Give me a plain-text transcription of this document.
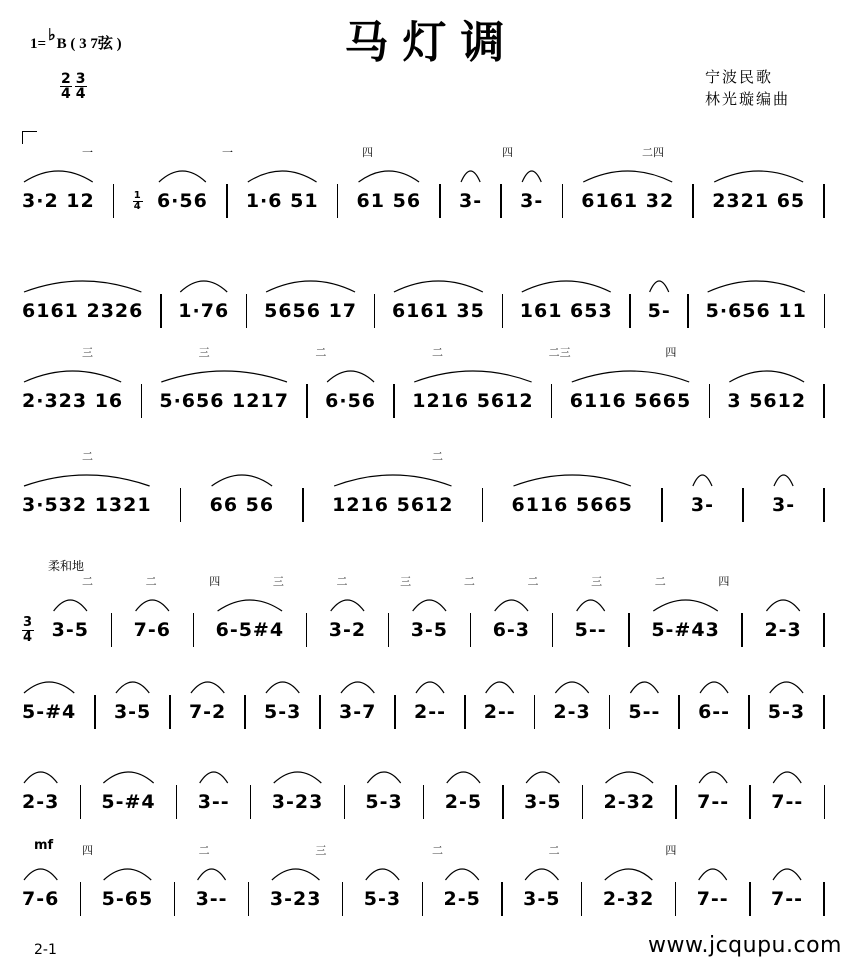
马灯调
1= ♭B ( 3 7弦 )
$\frac{2}{4} \frac{3}{4}$	宁波民歌
林光璇编曲
柔和地
mf
3·2 12	$\frac{1}{4} 6\cdot 56$ 1·6 51 61 56 3- 3- 6161 32 2321 65
一	一	四	四	二四
6161 2326 1·76 5656 17 6161 35 161 653 5- 5·656 11
2·323 16 5·656 1217 6·56 1216 5612 6116 5665 3 5612
三	三	二	二	二三	四
3·532 1321	66 56	1216 5612	6116 5665	3-	3-
二	二
$\frac{3}{4} 3-5$ 7-6 6-5#4 3-2 3-5 6-3 5-- 5-#43 2-3
二	二	四	三	二	三	二	二	三	二	四
5-#4 3-5 7-2 5-3 3-7 2-- 2-- 2-3 5-- 6-- 5-3
2-3 5-#4 3-- 3-23 5-3 2-5 3-5 2-32 7-- 7--
7-6 5-65 3-- 3-23 5-3 2-5 3-5 2-32 7-- 7--
四	二	三	二	二	四
2-1	www.jcqupu.com
